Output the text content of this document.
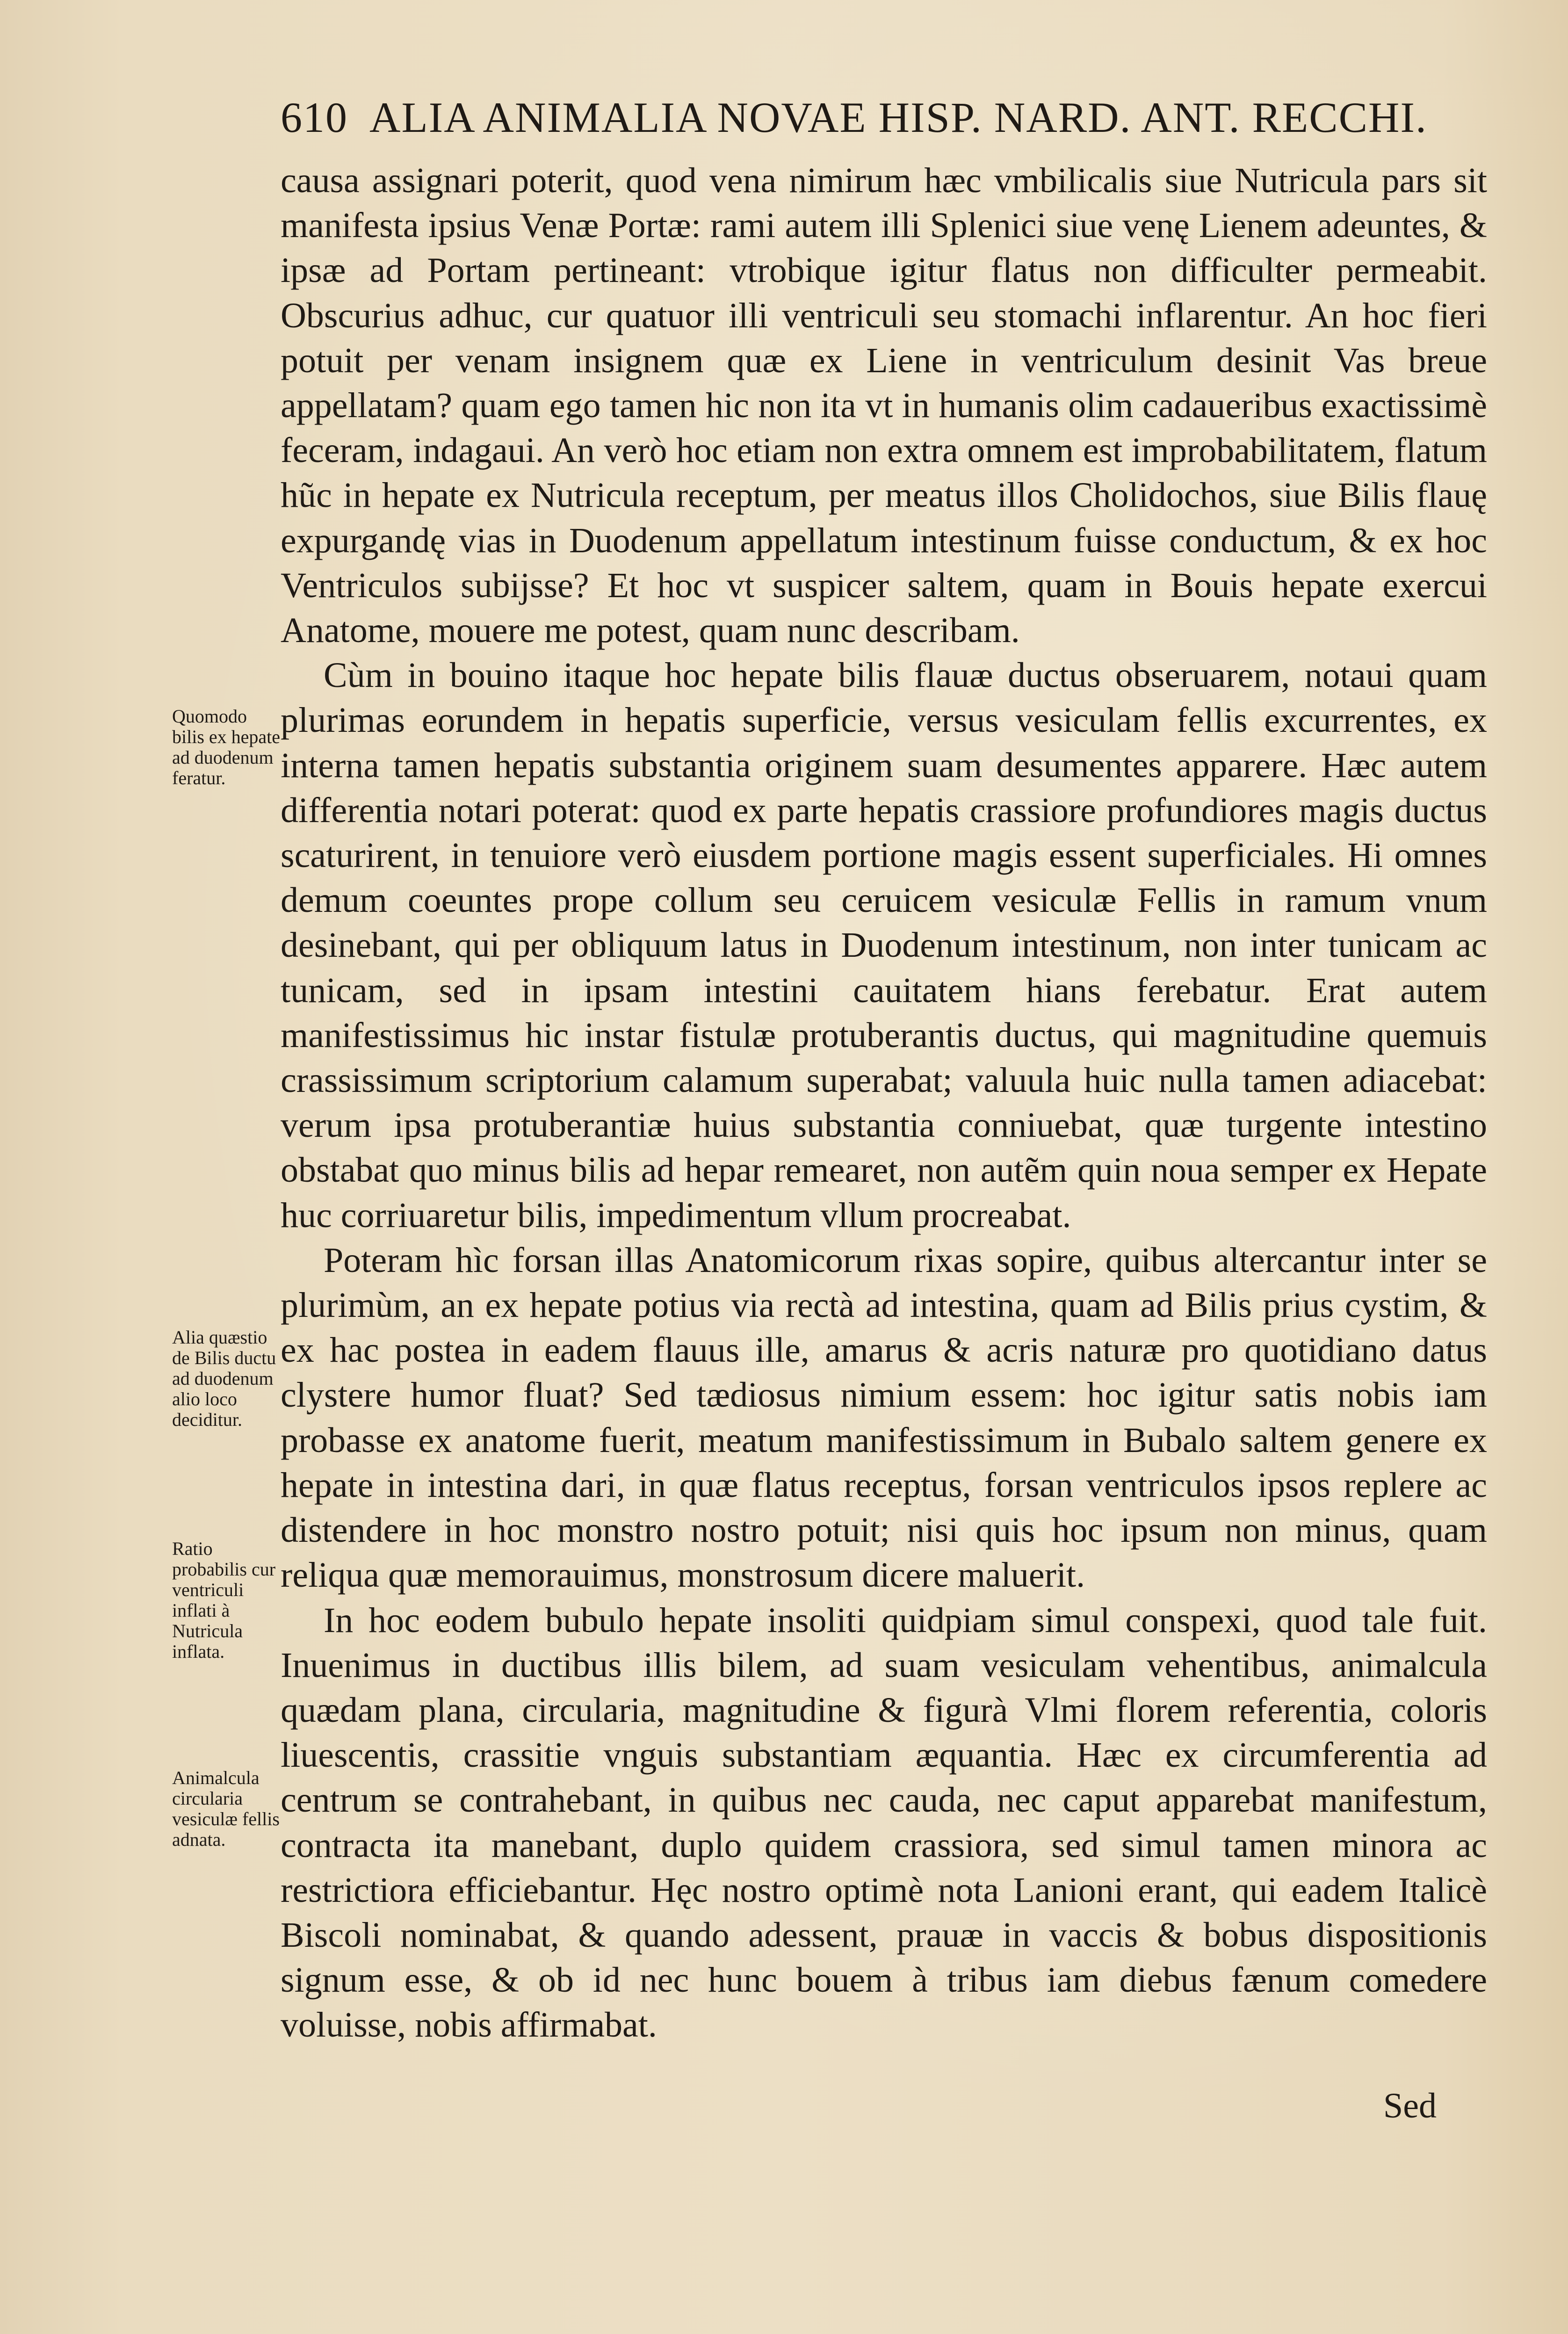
610 ALIA ANIMALIA NOVAE HISP. NARD. ANT. RECCHI.

causa assignari poterit, quod vena nimirum hæc vmbilicalis siue Nutricula pars sit manifesta ipsius Venæ Portæ: rami autem illi Splenici siue venę Lienem adeuntes, & ipsæ ad Portam pertineant: vtrobique igitur flatus non difficulter permeabit. Obscurius adhuc, cur quatuor illi ventriculi seu stomachi inflarentur. An hoc fieri potuit per venam insignem quæ ex Liene in ventriculum desinit Vas breue appellatam? quam ego tamen hic non ita vt in humanis olim cadaueribus exactissimè feceram, indagaui. An verò hoc etiam non extra omnem est improbabilitatem, flatum hũc in hepate ex Nutricula receptum, per meatus illos Cholidochos, siue Bilis flauę expurgandę vias in Duodenum appellatum intestinum fuisse conductum, & ex hoc Ventriculos subijsse? Et hoc vt suspicer saltem, quam in Bouis hepate exercui Anatome, mouere me potest, quam nunc describam.

Cùm in bouino itaque hoc hepate bilis flauæ ductus obseruarem, notaui quam plurimas eorundem in hepatis superficie, versus vesiculam fellis excurrentes, ex interna tamen hepatis substantia originem suam desumentes apparere. Hæc autem differentia notari poterat: quod ex parte hepatis crassiore profundiores magis ductus scaturirent, in tenuiore verò eiusdem portione magis essent superficiales. Hi omnes demum coeuntes prope collum seu ceruicem vesiculæ Fellis in ramum vnum desinebant, qui per obliquum latus in Duodenum intestinum, non inter tunicam ac tunicam, sed in ipsam intestini cauitatem hians ferebatur. Erat autem manifestissimus hic instar fistulæ protuberantis ductus, qui magnitudine quemuis crassissimum scriptorium calamum superabat; valuula huic nulla tamen adiacebat: verum ipsa protuberantiæ huius substantia conniuebat, quæ turgente intestino obstabat quo minus bilis ad hepar remearet, non autẽm quin noua semper ex Hepate huc corriuaretur bilis, impedimentum vllum procreabat.

Poteram hìc forsan illas Anatomicorum rixas sopire, quibus altercantur inter se plurimùm, an ex hepate potius via rectà ad intestina, quam ad Bilis prius cystim, & ex hac postea in eadem flauus ille, amarus & acris naturæ pro quotidiano datus clystere humor fluat? Sed tædiosus nimium essem: hoc igitur satis nobis iam probasse ex anatome fuerit, meatum manifestissimum in Bubalo saltem genere ex hepate in intestina dari, in quæ flatus receptus, forsan ventriculos ipsos replere ac distendere in hoc monstro nostro potuit; nisi quis hoc ipsum non minus, quam reliqua quæ memorauimus, monstrosum dicere maluerit.

In hoc eodem bubulo hepate insoliti quidpiam simul conspexi, quod tale fuit. Inuenimus in ductibus illis bilem, ad suam vesiculam vehentibus, animalcula quædam plana, circularia, magnitudine & figurà Vlmi florem referentia, coloris liuescentis, crassitie vnguis substantiam æquantia. Hæc ex circumferentia ad centrum se contrahebant, in quibus nec cauda, nec caput apparebat manifestum, contracta ita manebant, duplo quidem crassiora, sed simul tamen minora ac restrictiora efficiebantur. Hęc nostro optimè nota Lanioni erant, qui eadem Italicè Biscoli nominabat, & quando adessent, prauæ in vaccis & bobus dispositionis signum esse, & ob id nec hunc bouem à tribus iam diebus fænum comedere voluisse, nobis affirmabat.

Quomodo bilis ex hepate ad duodenum feratur.
Alia quæstio de Bilis ductu ad duodenum alio loco deciditur.
Ratio probabilis cur ventriculi inflati à Nutricula inflata.
Animalcula circularia vesiculæ fellis adnata.
Sed
